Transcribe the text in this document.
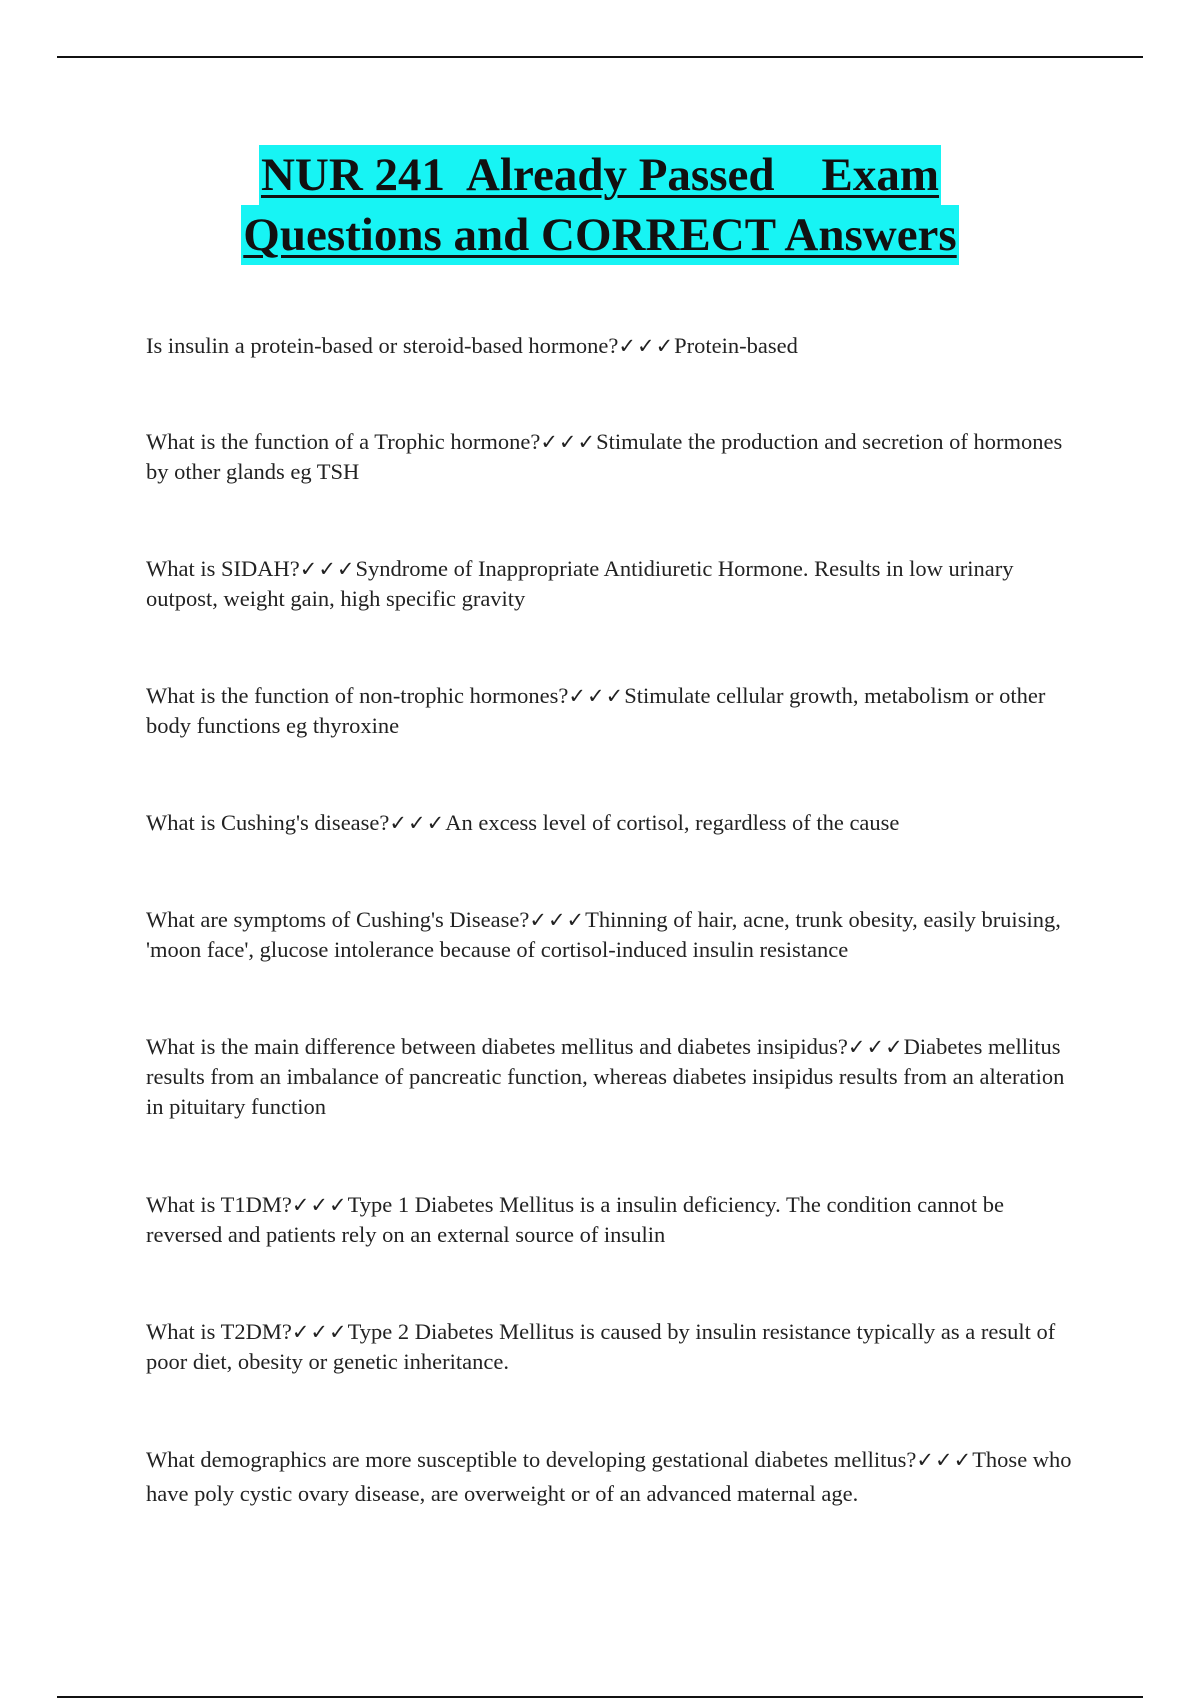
NUR 241  Already Passed    Exam
Questions and CORRECT Answers
Is insulin a protein-based or steroid-based hormone?✓✓✓Protein-based
What is the function of a Trophic hormone?✓✓✓Stimulate the production and secretion of hormones by other glands eg TSH
What is SIDAH?✓✓✓Syndrome of Inappropriate Antidiuretic Hormone. Results in low urinary outpost, weight gain, high specific gravity
What is the function of non-trophic hormones?✓✓✓Stimulate cellular growth, metabolism or other body functions eg thyroxine
What is Cushing's disease?✓✓✓An excess level of cortisol, regardless of the cause
What are symptoms of Cushing's Disease?✓✓✓Thinning of hair, acne, trunk obesity, easily bruising, 'moon face', glucose intolerance because of cortisol-induced insulin resistance
What is the main difference between diabetes mellitus and diabetes insipidus?✓✓✓Diabetes mellitus results from an imbalance of pancreatic function, whereas diabetes insipidus results from an alteration in pituitary function
What is T1DM?✓✓✓Type 1 Diabetes Mellitus is a insulin deficiency. The condition cannot be reversed and patients rely on an external source of insulin
What is T2DM?✓✓✓Type 2 Diabetes Mellitus is caused by insulin resistance typically as a result of poor diet, obesity or genetic inheritance.
What demographics are more susceptible to developing gestational diabetes mellitus?✓✓✓Those who have poly cystic ovary disease, are overweight or of an advanced maternal age.
